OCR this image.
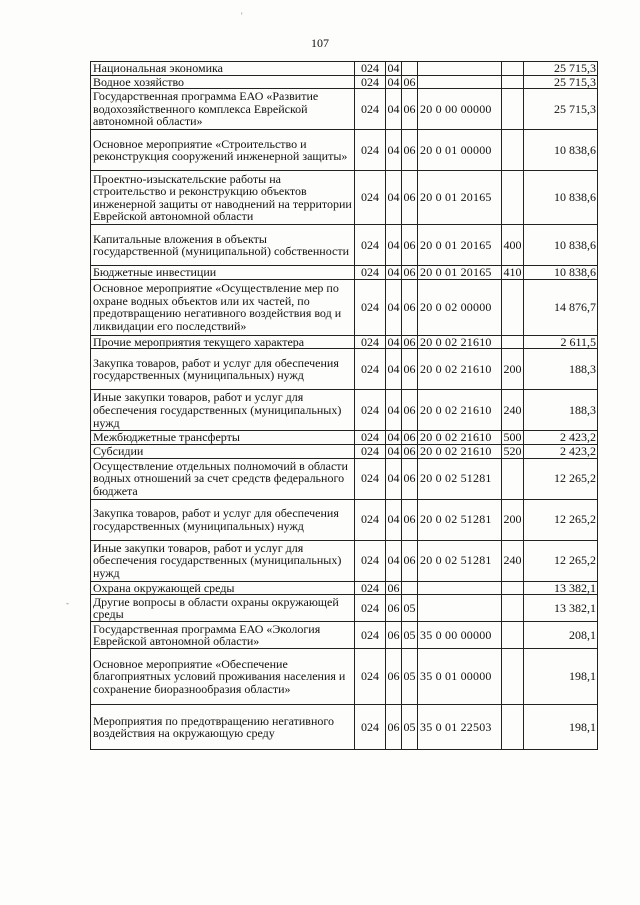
'
-
107
Национальная экономика	024	04				25 715,3
Водное хозяйство	024	04	06			25 715,3
Государственная программа ЕАО «Развитие водохозяйственного комплекса Еврейской автономной области»	024	04	06	20 0 00 00000		25 715,3
Основное мероприятие «Строительство и реконструкция сооружений инженерной защиты»	024	04	06	20 0 01 00000		10 838,6
Проектно-изыскательские работы на строительство и реконструкцию объектов инженерной защиты от наводнений на территории Еврейской автономной области	024	04	06	20 0 01 20165		10 838,6
Капитальные вложения в объекты государственной (муниципальной) собственности	024	04	06	20 0 01 20165	400	10 838,6
Бюджетные инвестиции	024	04	06	20 0 01 20165	410	10 838,6
Основное мероприятие «Осуществление мер по охране водных объектов или их частей, по предотвращению негативного воздействия вод и ликвидации его последствий»	024	04	06	20 0 02 00000		14 876,7
Прочие мероприятия текущего характера	024	04	06	20 0 02 21610		2 611,5
Закупка товаров, работ и услуг для обеспечения государственных (муниципальных) нужд	024	04	06	20 0 02 21610	200	188,3
Иные закупки товаров, работ и услуг для обеспечения государственных (муниципальных) нужд	024	04	06	20 0 02 21610	240	188,3
Межбюджетные трансферты	024	04	06	20 0 02 21610	500	2 423,2
Субсидии	024	04	06	20 0 02 21610	520	2 423,2
Осуществление отдельных полномочий в области водных отношений за счет средств федерального бюджета	024	04	06	20 0 02 51281		12 265,2
Закупка товаров, работ и услуг для обеспечения государственных (муниципальных) нужд	024	04	06	20 0 02 51281	200	12 265,2
Иные закупки товаров, работ и услуг для обеспечения государственных (муниципальных) нужд	024	04	06	20 0 02 51281	240	12 265,2
Охрана окружающей среды	024	06				13 382,1
Другие вопросы в области охраны окружающей среды	024	06	05			13 382,1
Государственная программа ЕАО «Экология Еврейской автономной области»	024	06	05	35 0 00 00000		208,1
Основное мероприятие «Обеспечение благоприятных условий проживания населения и сохранение биоразнообразия области»	024	06	05	35 0 01 00000		198,1
Мероприятия по предотвращению негативного воздействия на окружающую среду	024	06	05	35 0 01 22503		198,1
